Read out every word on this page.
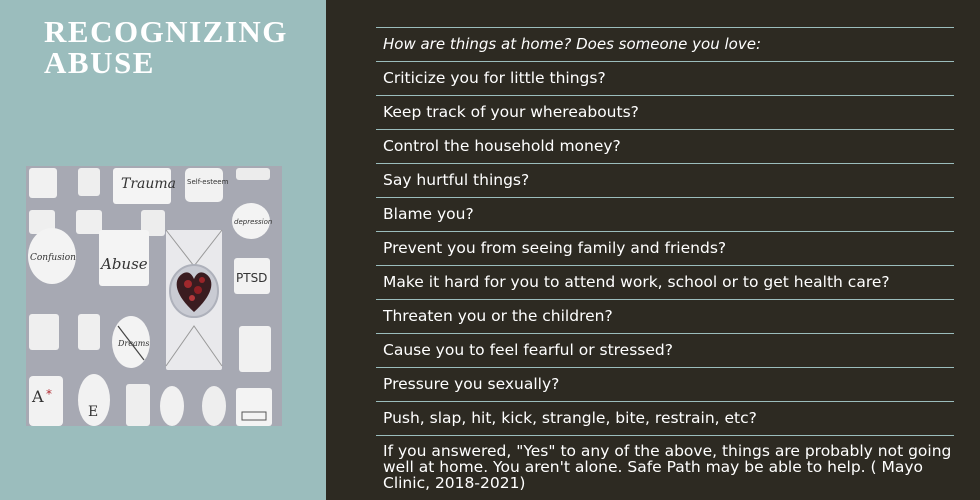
RECOGNIZING ABUSE
Trauma Self-esteem
depression
Confusion Abuse
PTSD
Dreams
A *
E
How are things at home? Does someone you love:
Criticize you for little things?
Keep track of your whereabouts?
Control the household money?
Say hurtful things?
Blame you?
Prevent you from seeing family and friends?
Make it hard for you to attend work, school or to get health care?
Threaten you or the children?
Cause you to feel fearful or stressed?
Pressure you sexually?
Push, slap, hit, kick, strangle, bite, restrain, etc?
If you answered, "Yes" to any of the above, things are probably not going well at home. You aren't alone. Safe Path may be able to help. ( Mayo Clinic, 2018-2021)
